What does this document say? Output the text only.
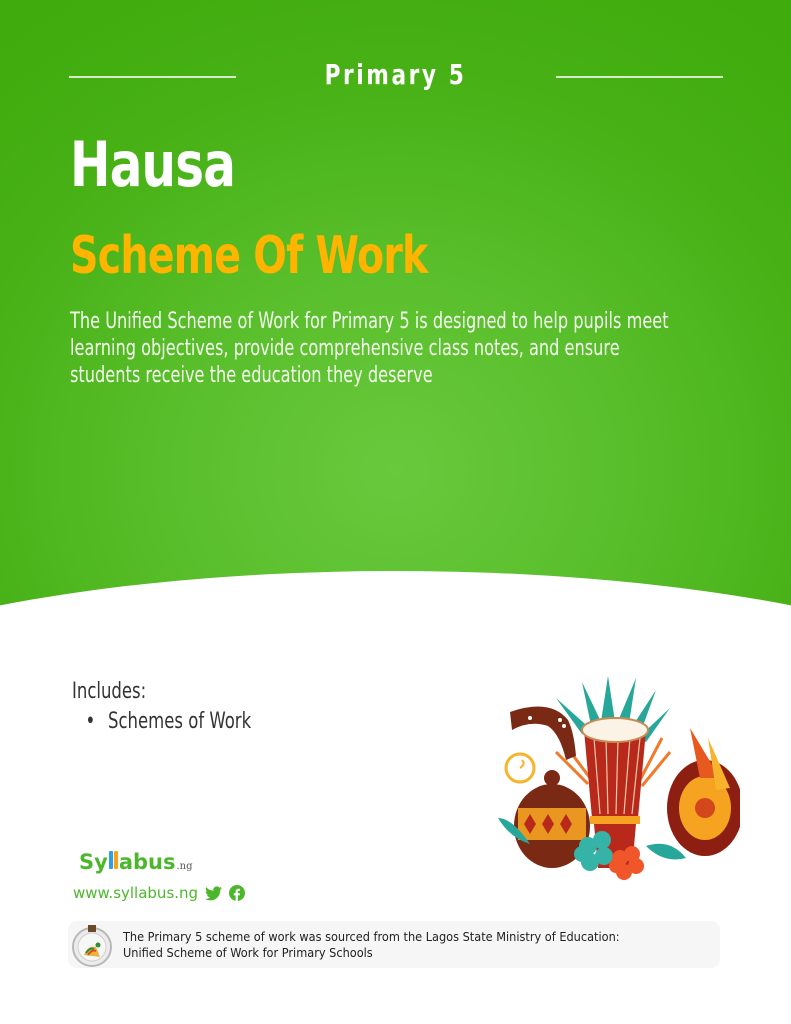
Primary 5
Hausa
Scheme Of Work
The Unified Scheme of Work for Primary 5 is designed to help pupils meet learning objectives, provide comprehensive class notes, and ensure students receive the education they deserve
Includes:
• Schemes of Work
Sy abus .ng
www.syllabus.ng
The Primary 5 scheme of work was sourced from the Lagos State Ministry of Education:
Unified Scheme of Work for Primary Schools
